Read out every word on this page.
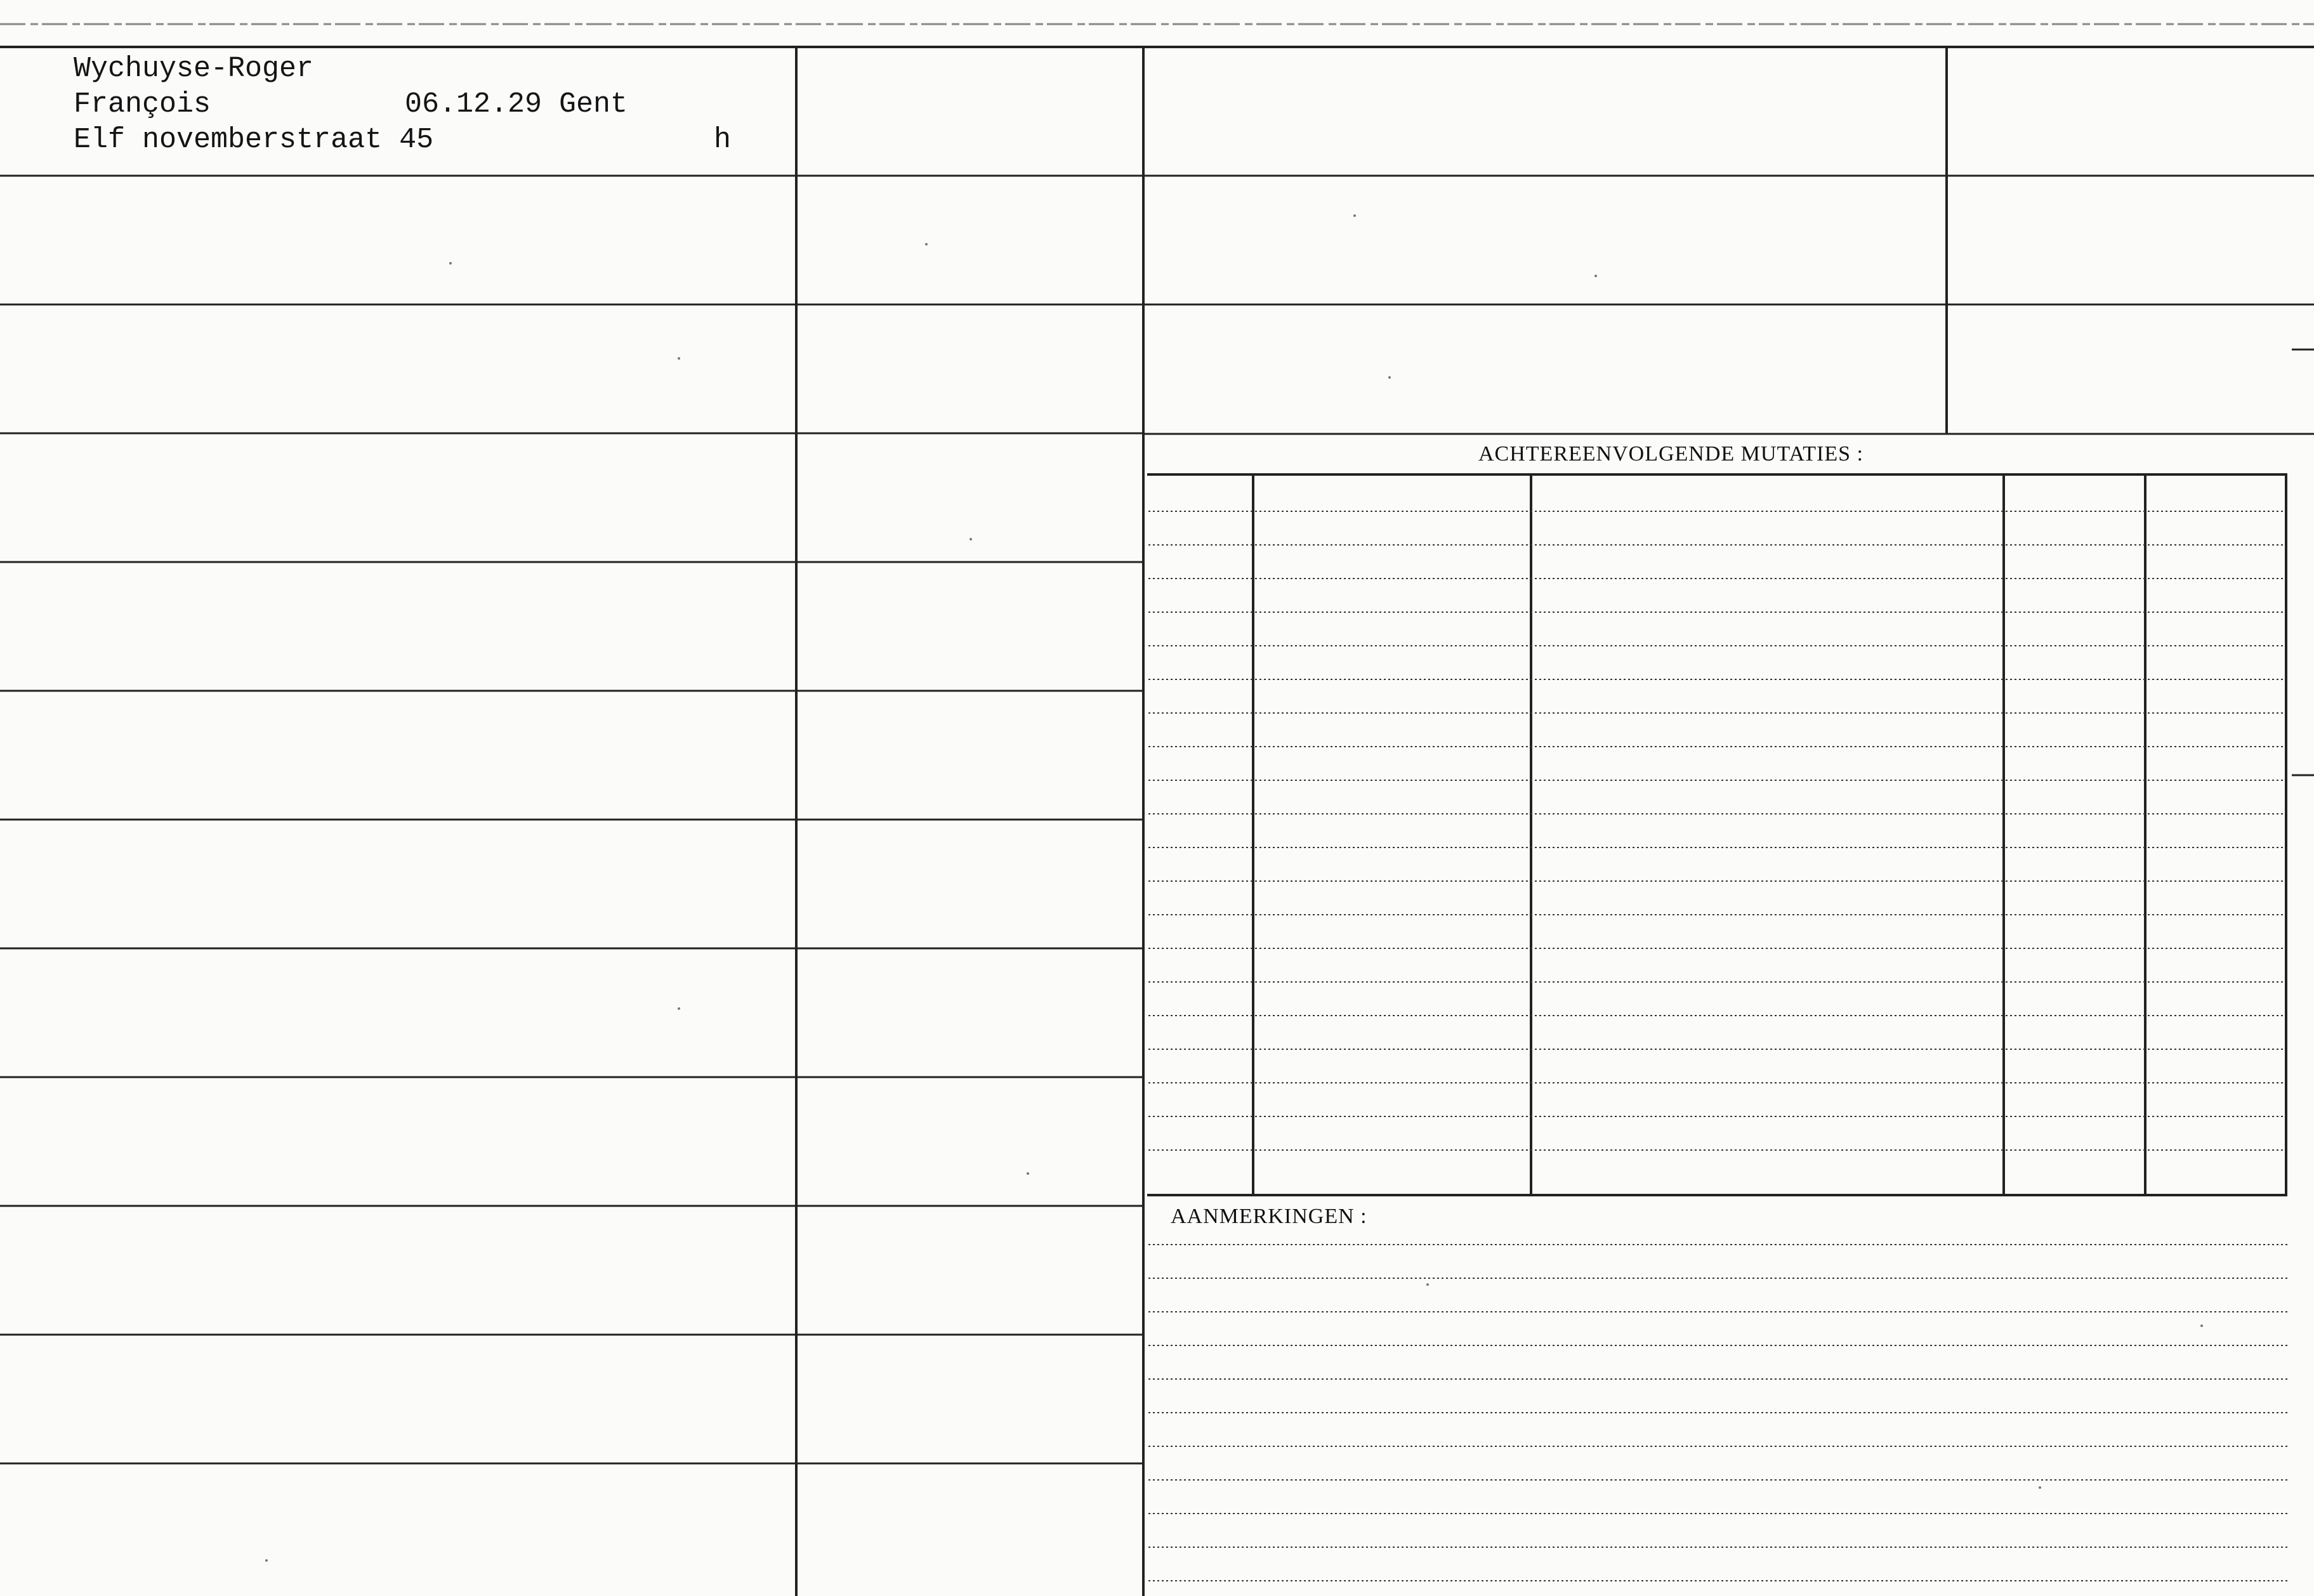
Wychuyse-Roger
François	06.12.29 Gent
Elf novemberstraat 45	h
ACHTEREENVOLGENDE MUTATIES :
AANMERKINGEN :
